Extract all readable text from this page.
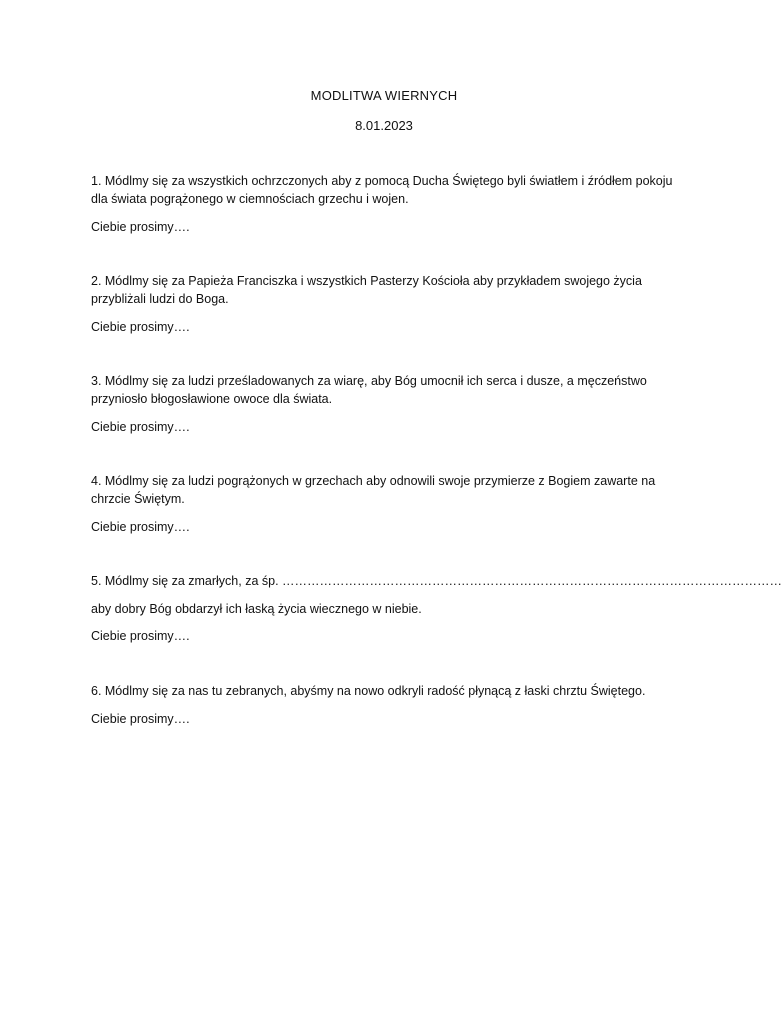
MODLITWA WIERNYCH
8.01.2023
1. Módlmy się za wszystkich ochrzczonych aby z pomocą Ducha Świętego byli światłem i źródłem pokoju dla świata pogrążonego w ciemnościach grzechu i wojen.
Ciebie prosimy….
2. Módlmy się za Papieża Franciszka i wszystkich Pasterzy Kościoła aby przykładem swojego życia przybliżali ludzi do Boga.
Ciebie prosimy….
3. Módlmy się za ludzi prześladowanych za wiarę, aby Bóg umocnił ich serca i dusze, a męczeństwo przyniosło błogosławione owoce dla świata.
Ciebie prosimy….
4. Módlmy się za ludzi pogrążonych w grzechach aby odnowili swoje przymierze z Bogiem zawarte na chrzcie Świętym.
Ciebie prosimy….
5. Módlmy się za zmarłych, za śp. …………………………………………………………………………………………………………
aby dobry Bóg obdarzył ich łaską życia wiecznego w niebie.
Ciebie prosimy….
6. Módlmy się za nas tu zebranych, abyśmy na nowo odkryli radość płynącą z łaski chrztu Świętego.
Ciebie prosimy….
